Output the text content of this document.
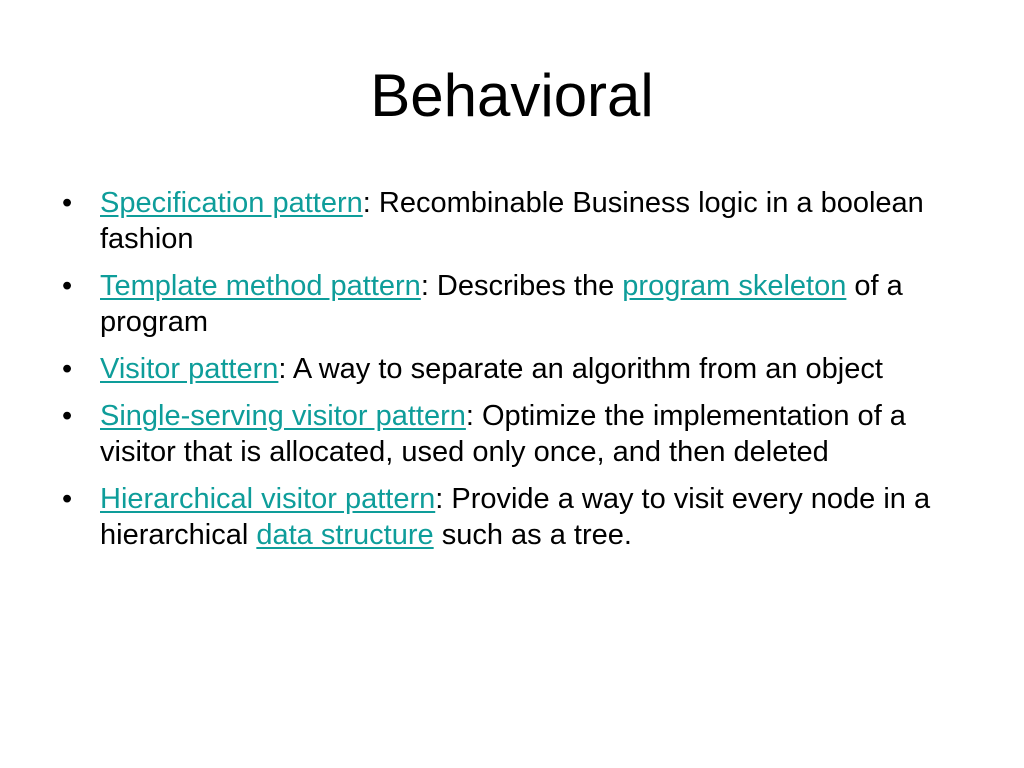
Behavioral
• Specification pattern: Recombinable Business logic in a boolean fashion
• Template method pattern: Describes the program skeleton of a program
• Visitor pattern: A way to separate an algorithm from an object
• Single-serving visitor pattern: Optimize the implementation of a visitor that is allocated, used only once, and then deleted
• Hierarchical visitor pattern: Provide a way to visit every node in a hierarchical data structure such as a tree.
